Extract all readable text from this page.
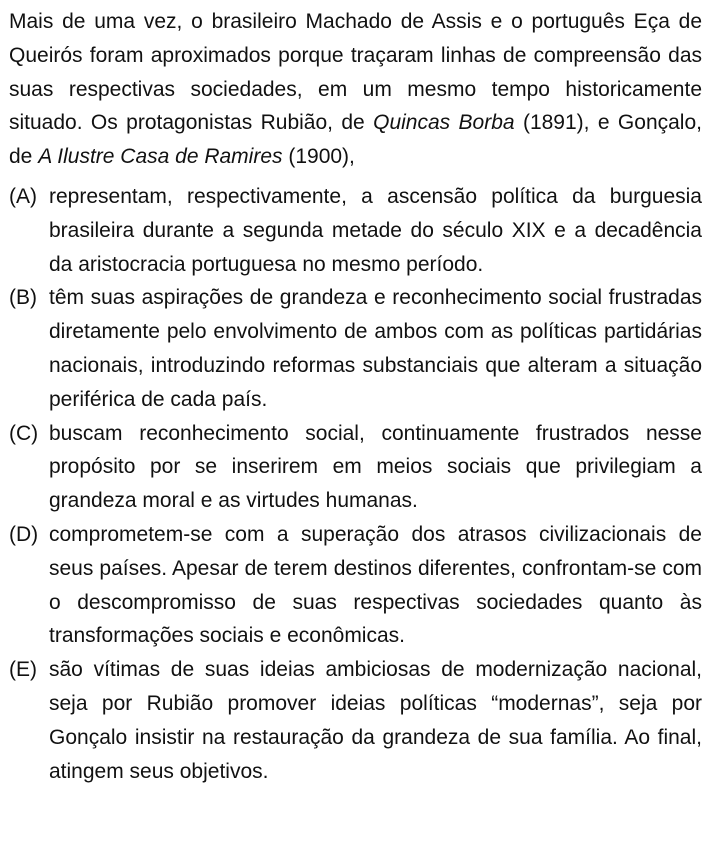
Mais de uma vez, o brasileiro Machado de Assis e o português Eça de Queirós foram aproximados porque traçaram linhas de compreensão das suas respectivas sociedades, em um mesmo tempo historicamente situado. Os protagonistas Rubião, de Quincas Borba (1891), e Gonçalo, de A Ilustre Casa de Ramires (1900),

(A) representam, respectivamente, a ascensão política da burguesia brasileira durante a segunda metade do século XIX e a decadência da aristocracia portuguesa no mesmo período.

(B) têm suas aspirações de grandeza e reconhecimento social frustradas diretamente pelo envolvimento de ambos com as políticas partidárias nacionais, introduzindo reformas substanciais que alteram a situação periférica de cada país.

(C) buscam reconhecimento social, continuamente frustrados nesse propósito por se inserirem em meios sociais que privilegiam a grandeza moral e as virtudes humanas.

(D) comprometem-se com a superação dos atrasos civilizacionais de seus países. Apesar de terem destinos diferentes, confrontam-se com o descompromisso de suas respectivas sociedades quanto às transformações sociais e econômicas.

(E) são vítimas de suas ideias ambiciosas de modernização nacional, seja por Rubião promover ideias políticas “modernas”, seja por Gonçalo insistir na restauração da grandeza de sua família. Ao final, atingem seus objetivos.
